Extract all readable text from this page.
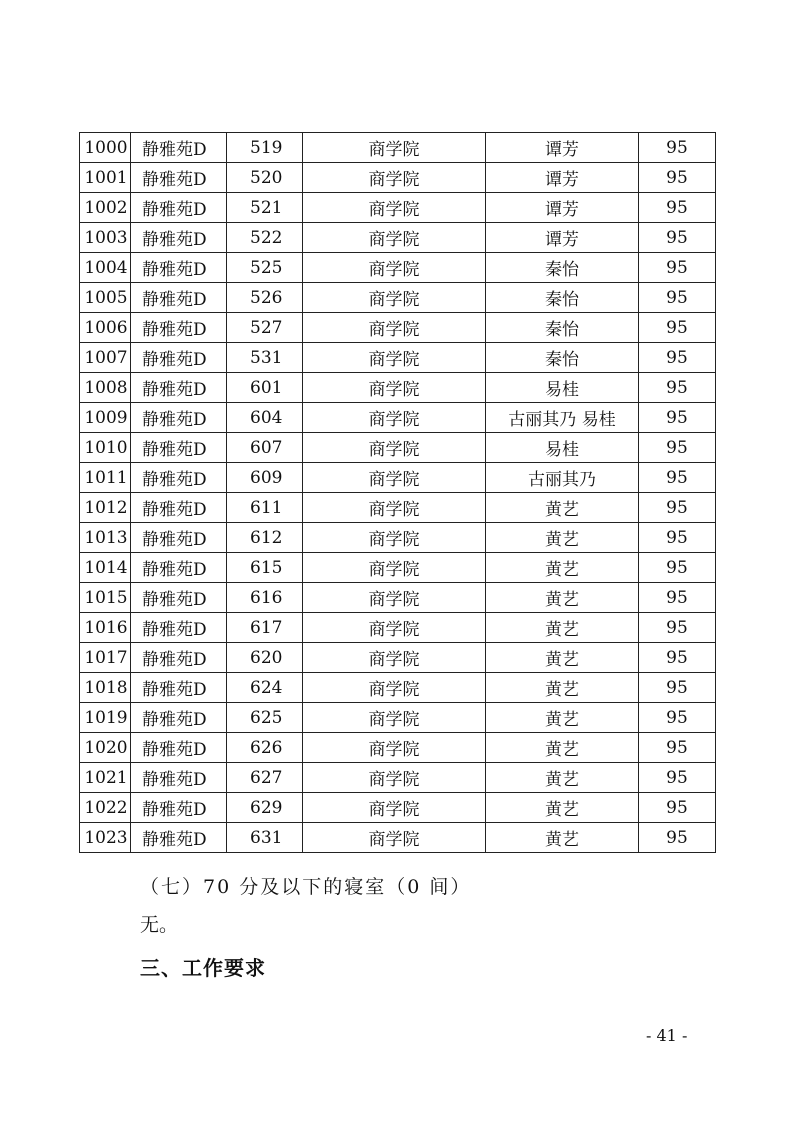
1000	静雅苑D	519	商学院	谭芳	95
1001	静雅苑D	520	商学院	谭芳	95
1002	静雅苑D	521	商学院	谭芳	95
1003	静雅苑D	522	商学院	谭芳	95
1004	静雅苑D	525	商学院	秦怡	95
1005	静雅苑D	526	商学院	秦怡	95
1006	静雅苑D	527	商学院	秦怡	95
1007	静雅苑D	531	商学院	秦怡	95
1008	静雅苑D	601	商学院	易桂	95
1009	静雅苑D	604	商学院	古丽其乃 易桂	95
1010	静雅苑D	607	商学院	易桂	95
1011	静雅苑D	609	商学院	古丽其乃	95
1012	静雅苑D	611	商学院	黄艺	95
1013	静雅苑D	612	商学院	黄艺	95
1014	静雅苑D	615	商学院	黄艺	95
1015	静雅苑D	616	商学院	黄艺	95
1016	静雅苑D	617	商学院	黄艺	95
1017	静雅苑D	620	商学院	黄艺	95
1018	静雅苑D	624	商学院	黄艺	95
1019	静雅苑D	625	商学院	黄艺	95
1020	静雅苑D	626	商学院	黄艺	95
1021	静雅苑D	627	商学院	黄艺	95
1022	静雅苑D	629	商学院	黄艺	95
1023	静雅苑D	631	商学院	黄艺	95
（七）70 分及以下的寝室（0 间）
无。
三、工作要求
- 41 -
